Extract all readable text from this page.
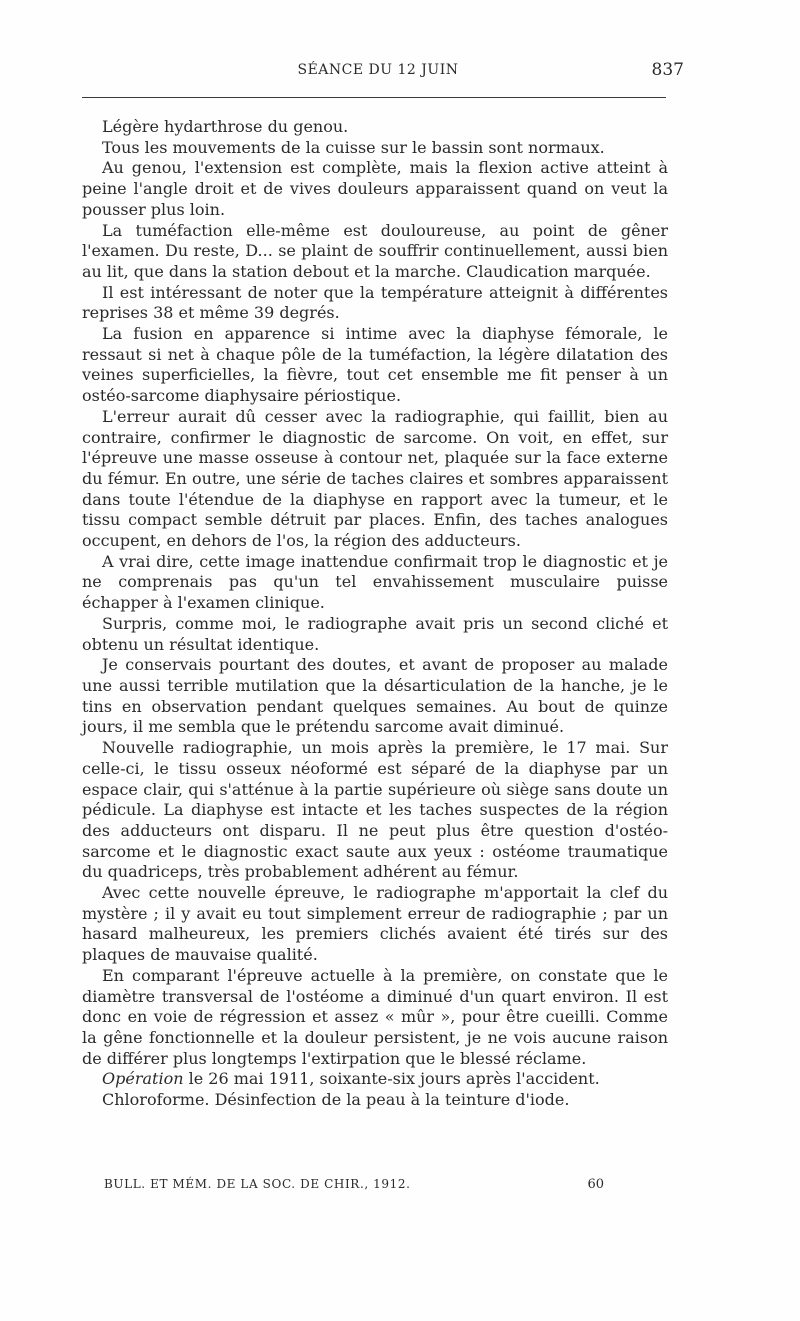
SÉANCE DU 12 JUIN	837

Légère hydarthrose du genou.

Tous les mouvements de la cuisse sur le bassin sont normaux.

Au genou, l'extension est complète, mais la flexion active atteint à peine l'angle droit et de vives douleurs apparaissent quand on veut la pousser plus loin.

La tuméfaction elle-même est douloureuse, au point de gêner l'examen. Du reste, D... se plaint de souffrir continuellement, aussi bien au lit, que dans la station debout et la marche. Claudication marquée.

Il est intéressant de noter que la température atteignit à différentes reprises 38 et même 39 degrés.

La fusion en apparence si intime avec la diaphyse fémorale, le ressaut si net à chaque pôle de la tuméfaction, la légère dilatation des veines superficielles, la fièvre, tout cet ensemble me fit penser à un ostéo-sarcome diaphysaire périostique.

L'erreur aurait dû cesser avec la radiographie, qui faillit, bien au contraire, confirmer le diagnostic de sarcome. On voit, en effet, sur l'épreuve une masse osseuse à contour net, plaquée sur la face externe du fémur. En outre, une série de taches claires et sombres apparaissent dans toute l'étendue de la diaphyse en rapport avec la tumeur, et le tissu compact semble détruit par places. Enfin, des taches analogues occupent, en dehors de l'os, la région des adducteurs.

A vrai dire, cette image inattendue confirmait trop le diagnostic et je ne comprenais pas qu'un tel envahissement musculaire puisse échapper à l'examen clinique.

Surpris, comme moi, le radiographe avait pris un second cliché et obtenu un résultat identique.

Je conservais pourtant des doutes, et avant de proposer au malade une aussi terrible mutilation que la désarticulation de la hanche, je le tins en observation pendant quelques semaines. Au bout de quinze jours, il me sembla que le prétendu sarcome avait diminué.

Nouvelle radiographie, un mois après la première, le 17 mai. Sur celle-ci, le tissu osseux néoformé est séparé de la diaphyse par un espace clair, qui s'atténue à la partie supérieure où siège sans doute un pédicule. La diaphyse est intacte et les taches suspectes de la région des adducteurs ont disparu. Il ne peut plus être question d'ostéo-sarcome et le diagnostic exact saute aux yeux : ostéome traumatique du quadriceps, très probablement adhérent au fémur.

Avec cette nouvelle épreuve, le radiographe m'apportait la clef du mystère ; il y avait eu tout simplement erreur de radiographie ; par un hasard malheureux, les premiers clichés avaient été tirés sur des plaques de mauvaise qualité.

En comparant l'épreuve actuelle à la première, on constate que le diamètre transversal de l'ostéome a diminué d'un quart environ. Il est donc en voie de régression et assez « mûr », pour être cueilli. Comme la gêne fonctionnelle et la douleur persistent, je ne vois aucune raison de différer plus longtemps l'extirpation que le blessé réclame.

Opération le 26 mai 1911, soixante-six jours après l'accident.

Chloroforme. Désinfection de la peau à la teinture d'iode.

BULL. ET MÉM. DE LA SOC. DE CHIR., 1912.	60
